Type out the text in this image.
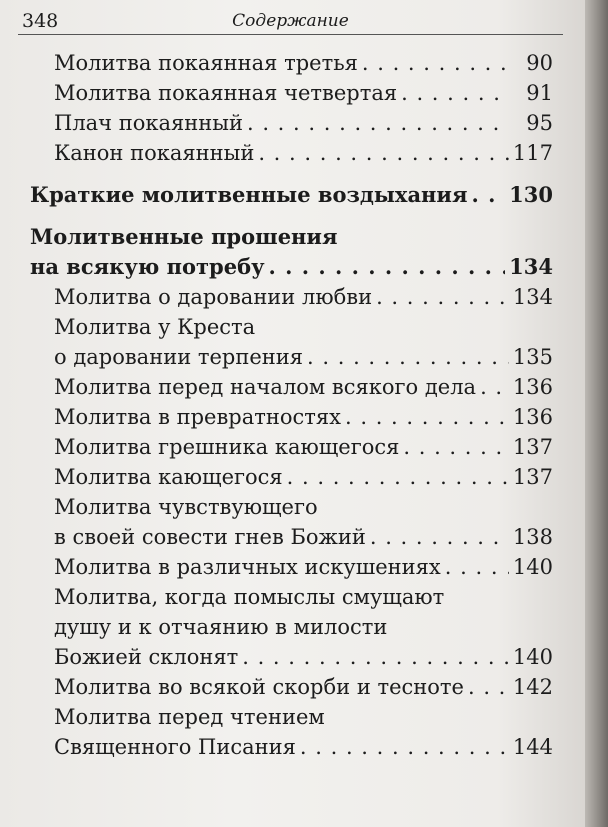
348	Содержание
Молитва покаянная третья . . .	90
Молитва покаянная четвертая . . .	91
Плач покаянный . . .	95
Канон покаянный . . .	117
Краткие молитвенные воздыхания . . . 130
Молитвенные прошения
на всякую потребу . . .	134
Молитва о даровании любви . . .	134
Молитва у Креста
о даровании терпения . . .	135
Молитва перед началом всякого дела . . . 136
Молитва в превратностях . . .	136
Молитва грешника кающегося . . .	137
Молитва кающегося . . .	137
Молитва чувствующего
в своей совести гнев Божий . . .	138
Молитва в различных искушениях . . .	140
Молитва, когда помыслы смущают
душу и к отчаянию в милости
Божией склонят . . .	140
Молитва во всякой скорби и тесноте . . . 142
Молитва перед чтением
Священного Писания . . .	144
